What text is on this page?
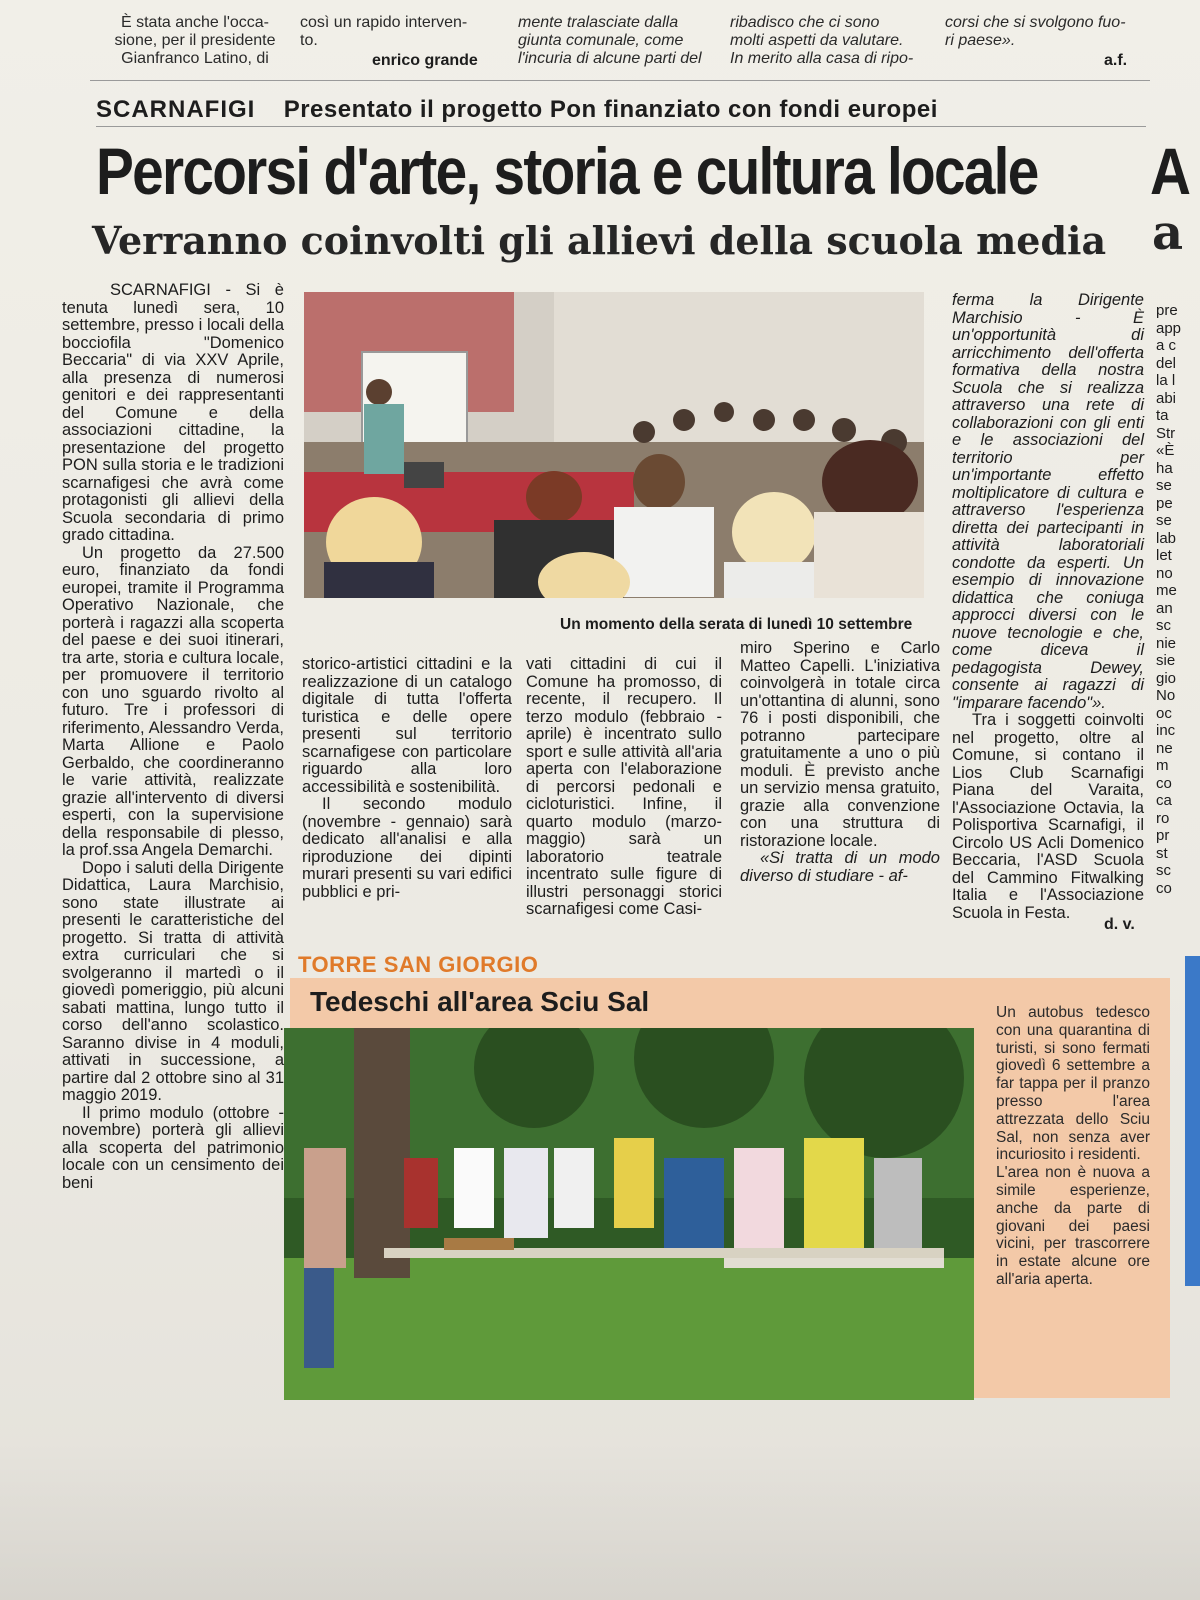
È stata anche l'occa-
sione, per il presidente
Gianfranco Latino, di
così un rapido interven-
to.
enrico grande
mente tralasciate dalla
giunta comunale, come
l'incuria di alcune parti del
ribadisco che ci sono
molti aspetti da valutare.
In merito alla casa di ripo-
corsi che si svolgono fuo-
ri paese».
a.f.
SCARNAFIGI Presentato il progetto Pon finanziato con fondi europei
Percorsi d'arte, storia e cultura locale A
Verranno coinvolti gli allievi della scuola media a

SCARNAFIGI - Si è tenuta lunedì sera, 10 settembre, presso i locali della bocciofila "Domenico Beccaria" di via XXV Aprile, alla presenza di numerosi genitori e dei rappresentanti del Comune e della associazioni cittadine, la presentazione del progetto PON sulla storia e le tradizioni scarnafigesi che avrà come protagonisti gli allievi della Scuola secondaria di primo grado cittadina.

Un progetto da 27.500 euro, finanziato da fondi europei, tramite il Programma Operativo Nazionale, che porterà i ragazzi alla scoperta del paese e dei suoi itinerari, tra arte, storia e cultura locale, per promuovere il territorio con uno sguardo rivolto al futuro. Tre i professori di riferimento, Alessandro Verda, Marta Allione e Paolo Gerbaldo, che coordineranno le varie attività, realizzate grazie all'intervento di diversi esperti, con la supervisione della responsabile di plesso, la prof.ssa Angela Demarchi.

Dopo i saluti della Dirigente Didattica, Laura Marchisio, sono state illustrate ai presenti le caratteristiche del progetto. Si tratta di attività extra curriculari che si svolgeranno il martedì o il giovedì pomeriggio, più alcuni sabati mattina, lungo tutto il corso dell'anno scolastico. Saranno divise in 4 moduli, attivati in successione, a partire dal 2 ottobre sino al 31 maggio 2019.

Il primo modulo (ottobre - novembre) porterà gli allievi alla scoperta del patrimonio locale con un censimento dei beni

Un momento della serata di lunedì 10 settembre

storico-artistici cittadini e la realizzazione di un catalogo digitale di tutta l'offerta turistica e delle opere presenti sul territorio scarnafigese con particolare riguardo alla loro accessibilità e sostenibilità.

Il secondo modulo (novembre - gennaio) sarà dedicato all'analisi e alla riproduzione dei dipinti murari presenti su vari edifici pubblici e pri-

vati cittadini di cui il Comune ha promosso, di recente, il recupero. Il terzo modulo (febbraio - aprile) è incentrato sullo sport e sulle attività all'aria aperta con l'elaborazione di percorsi pedonali e cicloturistici. Infine, il quarto modulo (marzo-maggio) sarà un laboratorio teatrale incentrato sulle figure di illustri personaggi storici scarnafigesi come Casi-

miro Sperino e Carlo Matteo Capelli. L'iniziativa coinvolgerà in totale circa un'ottantina di alunni, sono 76 i posti disponibili, che potranno partecipare gratuitamente a uno o più moduli. È previsto anche un servizio mensa gratuito, grazie alla convenzione con una struttura di ristorazione locale.

«Si tratta di un modo diverso di studiare - af-

ferma la Dirigente Marchisio - È un'opportunità di arricchimento dell'offerta formativa della nostra Scuola che si realizza attraverso una rete di collaborazioni con gli enti e le associazioni del territorio per un'importante effetto moltiplicatore di cultura e attraverso l'esperienza diretta dei partecipanti in attività laboratoriali condotte da esperti. Un esempio di innovazione didattica che coniuga approcci diversi con le nuove tecnologie e che, come diceva il pedagogista Dewey, consente ai ragazzi di "imparare facendo"».

Tra i soggetti coinvolti nel progetto, oltre al Comune, si contano il Lios Club Scarnafigi Piana del Varaita, l'Associazione Octavia, la Polisportiva Scarnafigi, il Circolo US Acli Domenico Beccaria, l'ASD Scuola del Cammino Fitwalking Italia e l'Associazione Scuola in Festa.

d. v.
TORRE SAN GIORGIO
Tedeschi all'area Sciu Sal	Un autobus tedesco con una quarantina di turisti, si sono fermati giovedì 6 settembre a far tappa per il pranzo presso l'area attrezzata dello Sciu Sal, non senza aver incuriosito i residenti.
L'area non è nuova a simile esperienze, anche da parte di giovani dei paesi vicini, per trascorrere in estate alcune ore all'aria aperta.
pre
app
a c
del
la l
abi
ta
Str
«È
ha
se
pe
se
lab
let
no
me
an
sc
nie
sie
gio
No
oc
inc
ne
m
co
ca
ro
pr
st
sc
co
